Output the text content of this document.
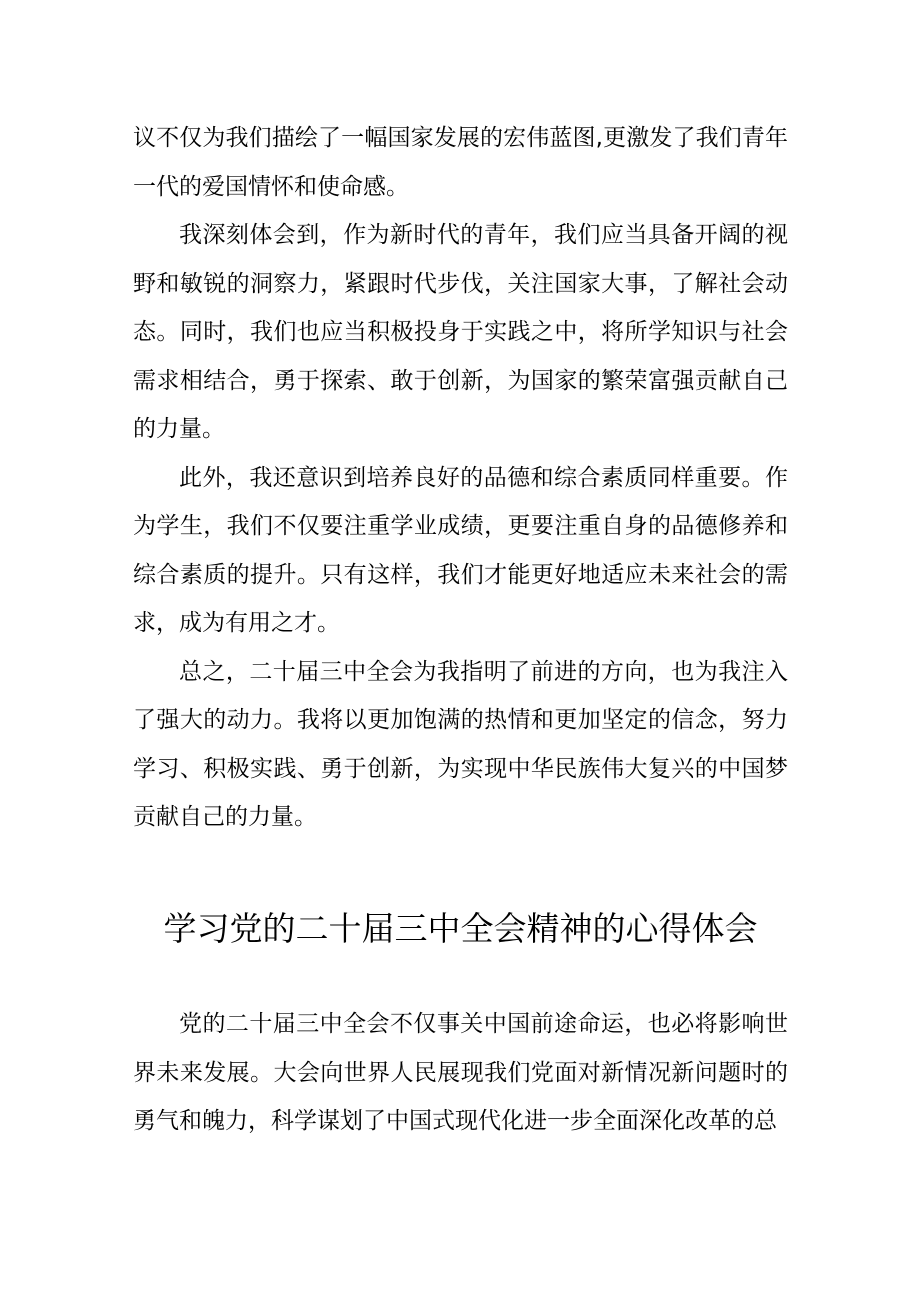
议不仅为我们描绘了一幅国家发展的宏伟蓝图,更激发了我们青年一代的爱国情怀和使命感。

我深刻体会到，作为新时代的青年，我们应当具备开阔的视野和敏锐的洞察力，紧跟时代步伐，关注国家大事，了解社会动态。同时，我们也应当积极投身于实践之中，将所学知识与社会需求相结合，勇于探索、敢于创新，为国家的繁荣富强贡献自己的力量。

此外，我还意识到培养良好的品德和综合素质同样重要。作为学生，我们不仅要注重学业成绩，更要注重自身的品德修养和综合素质的提升。只有这样，我们才能更好地适应未来社会的需求，成为有用之才。

总之，二十届三中全会为我指明了前进的方向，也为我注入了强大的动力。我将以更加饱满的热情和更加坚定的信念，努力学习、积极实践、勇于创新，为实现中华民族伟大复兴的中国梦贡献自己的力量。

学习党的二十届三中全会精神的心得体会

党的二十届三中全会不仅事关中国前途命运，也必将影响世界未来发展。大会向世界人民展现我们党面对新情况新问题时的勇气和魄力，科学谋划了中国式现代化进一步全面深化改革的总
